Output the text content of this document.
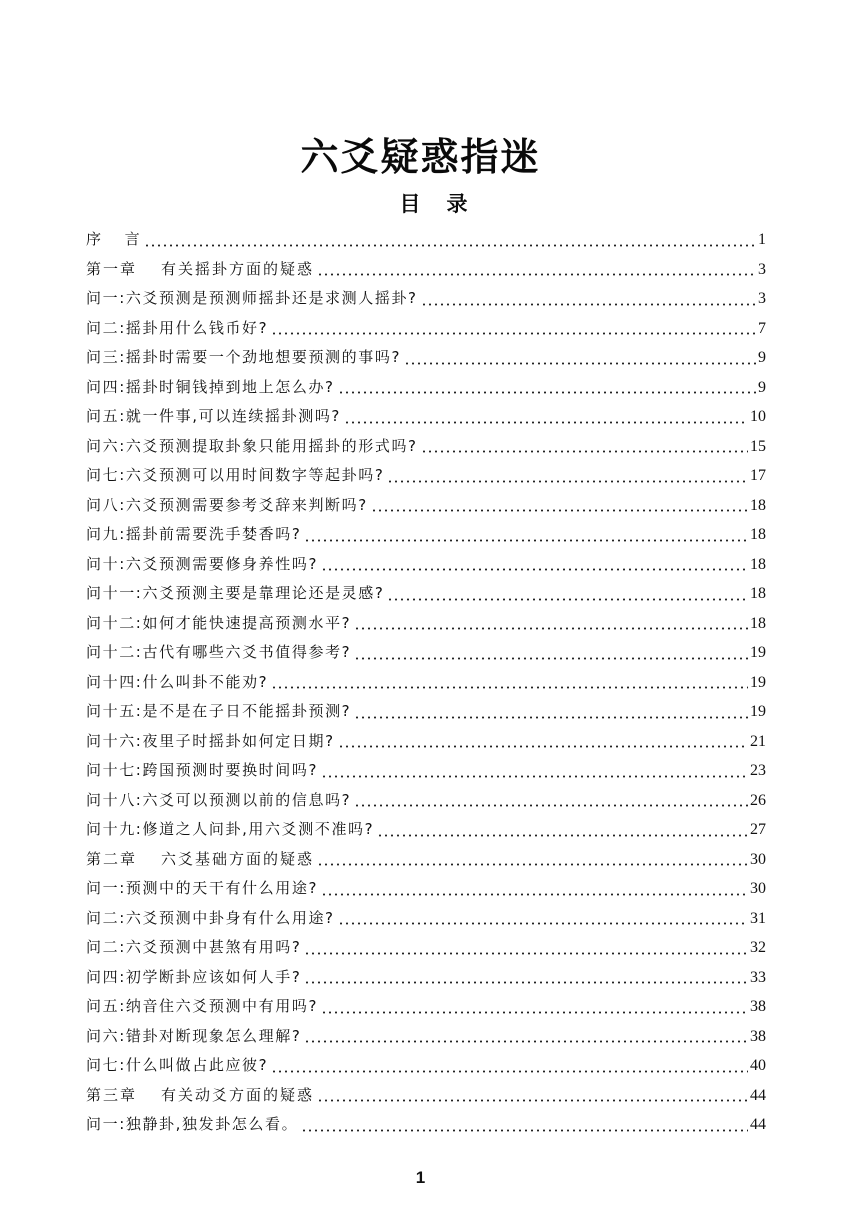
六爻疑惑指迷
目录
序 言	1
第一章 有关摇卦方面的疑惑	3
问一:六爻预测是预测师摇卦还是求测人摇卦?	3
问二:摇卦用什么钱币好?	7
问三:摇卦时需要一个劲地想要预测的事吗?	9
问四:摇卦时铜钱掉到地上怎么办?	9
问五:就一件事,可以连续摇卦测吗?	10
问六:六爻预测提取卦象只能用摇卦的形式吗?	15
问七:六爻预测可以用时间数字等起卦吗?	17
问八:六爻预测需要参考爻辞来判断吗?	18
问九:摇卦前需要洗手婪香吗?	18
问十:六爻预测需要修身养性吗?	18
问十一:六爻预测主要是靠理论还是灵感?	18
问十二:如何才能快速提高预测水平?	18
问十二:古代有哪些六爻书值得参考?	19
问十四:什么叫卦不能劝?	19
问十五:是不是在子日不能摇卦预测?	19
问十六:夜里子时摇卦如何定日期?	21
问十七:跨国预测时要换时间吗?	23
问十八:六爻可以预测以前的信息吗?	26
问十九:修道之人问卦,用六爻测不准吗?	27
第二章 六爻基础方面的疑惑	30
问一:预测中的天干有什么用途?	30
问二:六爻预测中卦身有什么用途?	31
问二:六爻预测中甚煞有用吗?	32
问四:初学断卦应该如何人手?	33
问五:纳音住六爻预测中有用吗?	38
问六:错卦对断现象怎么理解?	38
问七:什么叫做占此应彼?	40
第三章 有关动爻方面的疑惑	44
问一:独静卦,独发卦怎么看。	44
1
